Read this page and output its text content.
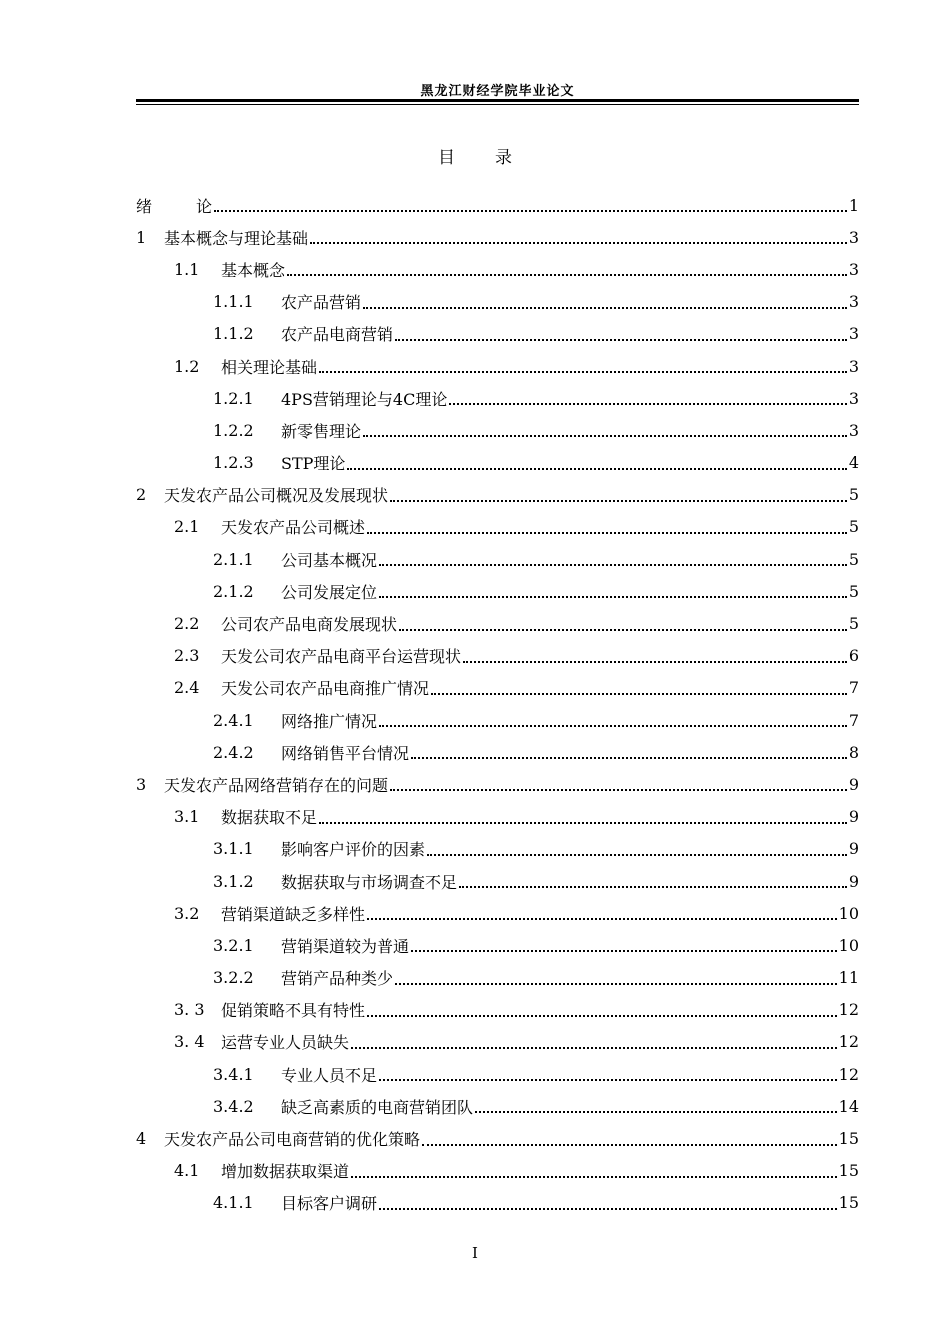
黑龙江财经学院毕业论文
目 录
绪	论	1
1	基本概念与理论基础	3
1.1	基本概念	3
1.1.1	农产品营销	3
1.1.2	农产品电商营销	3
1.2	相关理论基础	3
1.2.1	4PS营销理论与4C理论	3
1.2.2	新零售理论	3
1.2.3	STP理论	4
2	天发农产品公司概况及发展现状	5
2.1	天发农产品公司概述	5
2.1.1	公司基本概况	5
2.1.2	公司发展定位	5
2.2	公司农产品电商发展现状	5
2.3	天发公司农产品电商平台运营现状	6
2.4	天发公司农产品电商推广情况	7
2.4.1	网络推广情况	7
2.4.2	网络销售平台情况	8
3	天发农产品网络营销存在的问题	9
3.1	数据获取不足	9
3.1.1	影响客户评价的因素	9
3.1.2	数据获取与市场调查不足	9
3.2	营销渠道缺乏多样性	10
3.2.1	营销渠道较为普通	10
3.2.2	营销产品种类少	11
3. 3	促销策略不具有特性	12
3. 4	运营专业人员缺失	12
3.4.1	专业人员不足	12
3.4.2	缺乏高素质的电商营销团队	14
4	天发农产品公司电商营销的优化策略	15
4.1	增加数据获取渠道	15
4.1.1	目标客户调研	15
I
